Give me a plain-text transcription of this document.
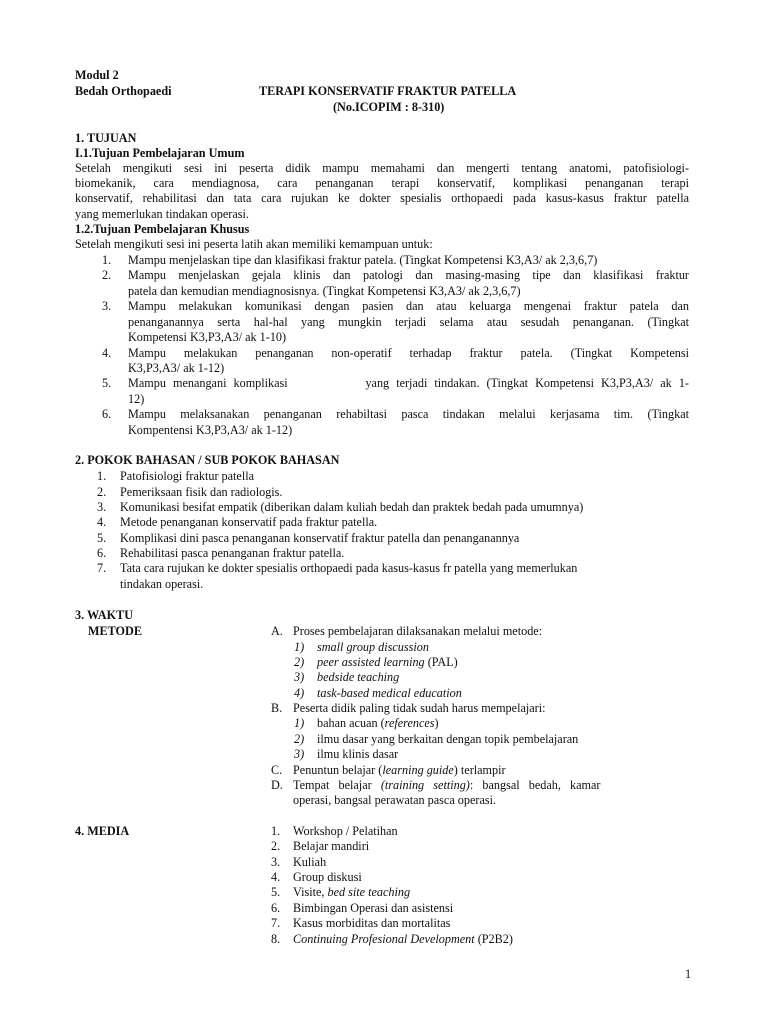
Modul 2
Bedah Orthopaedi	TERAPI KONSERVATIF FRAKTUR PATELLA
(No.ICOPIM : 8-310)
1. TUJUAN
I.1.Tujuan Pembelajaran Umum
Setelah mengikuti sesi ini peserta didik mampu memahami dan mengerti tentang anatomi, patofisiologi-
biomekanik, cara mendiagnosa, cara penanganan terapi konservatif, komplikasi penanganan terapi
konservatif, rehabilitasi dan tata cara rujukan ke dokter spesialis orthopaedi pada kasus-kasus fraktur patella
yang memerlukan tindakan operasi.
1.2.Tujuan Pembelajaran Khusus
Setelah mengikuti sesi ini peserta latih akan memiliki kemampuan untuk:
1. Mampu menjelaskan tipe dan klasifikasi fraktur patela. (Tingkat Kompetensi K3,A3/ ak 2,3,6,7)
2. Mampu menjelaskan gejala klinis dan patologi dan masing-masing tipe dan klasifikasi fraktur
patela dan kemudian mendiagnosisnya. (Tingkat Kompetensi K3,A3/ ak 2,3,6,7)
3. Mampu melakukan komunikasi dengan pasien dan atau keluarga mengenai fraktur patela dan
penanganannya serta hal-hal yang mungkin terjadi selama atau sesudah penanganan. (Tingkat
Kompetensi K3,P3,A3/ ak 1-10)
4. Mampu melakukan penanganan non-operatif terhadap fraktur patela. (Tingkat Kompetensi
K3,P3,A3/ ak 1-12)
5. Mampu menangani komplikasi           yang terjadi tindakan. (Tingkat Kompetensi K3,P3,A3/ ak 1-
12)
6. Mampu melaksanakan penanganan rehabiltasi pasca tindakan melalui kerjasama tim. (Tingkat
Kompentensi K3,P3,A3/ ak 1-12)
2. POKOK BAHASAN / SUB POKOK BAHASAN
1. Patofisiologi fraktur patella
2. Pemeriksaan fisik dan radiologis.
3. Komunikasi besifat empatik (diberikan dalam kuliah bedah dan praktek bedah pada umumnya)
4. Metode penanganan konservatif pada fraktur patella.
5. Komplikasi dini pasca penanganan konservatif fraktur patella dan penanganannya
6. Rehabilitasi pasca penanganan fraktur patella.
7. Tata cara rujukan ke dokter spesialis orthopaedi pada kasus-kasus fr patella yang memerlukan
tindakan operasi.
3. WAKTU
METODE	A. Proses pembelajaran dilaksanakan melalui metode:
1) small group discussion
2) peer assisted learning (PAL)
3) bedside teaching
4) task-based medical education
B. Peserta didik paling tidak sudah harus mempelajari:
1) bahan acuan (references)
2) ilmu dasar yang berkaitan dengan topik pembelajaran
3) ilmu klinis dasar
C. Penuntun belajar (learning guide) terlampir
D. Tempat   belajar   (training   setting):   bangsal   bedah,   kamar
operasi, bangsal perawatan pasca operasi.
4. MEDIA	1. Workshop / Pelatihan
2. Belajar mandiri
3. Kuliah
4. Group diskusi
5. Visite, bed site teaching
6. Bimbingan Operasi dan asistensi
7. Kasus morbiditas dan mortalitas
8. Continuing Profesional Development (P2B2)
1
